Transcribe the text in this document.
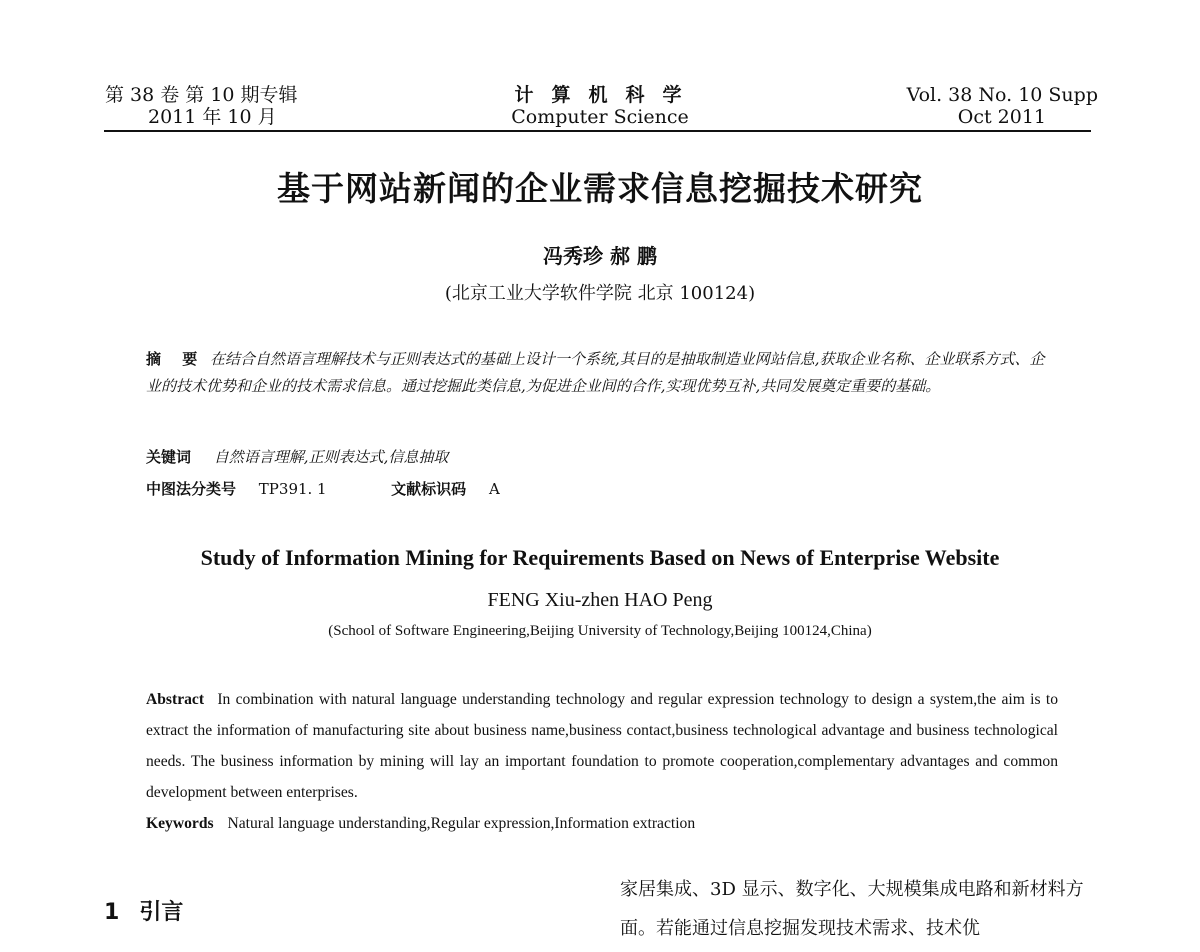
第 38 卷 第 10 期专辑
2011 年 10 月
计算机科学
Computer Science
Vol. 38 No. 10 Supp
Oct 2011
基于网站新闻的企业需求信息挖掘技术研究
冯秀珍 郝 鹏
(北京工业大学软件学院 北京 100124)
摘 要 在结合自然语言理解技术与正则表达式的基础上设计一个系统,其目的是抽取制造业网站信息,获取企业名称、企业联系方式、企业的技术优势和企业的技术需求信息。通过挖掘此类信息,为促进企业间的合作,实现优势互补,共同发展奠定重要的基础。
关键词 自然语言理解,正则表达式,信息抽取
中图法分类号 TP391. 1	文献标识码 A
Study of Information Mining for Requirements Based on News of Enterprise Website
FENG Xiu-zhen HAO Peng
(School of Software Engineering,Beijing University of Technology,Beijing 100124,China)
Abstract In combination with natural language understanding technology and regular expression technology to design a system,the aim is to extract the information of manufacturing site about business name,business contact,business technological advantage and business technological needs. The business information by mining will lay an important foundation to promote cooperation,complementary advantages and common development between enterprises.
Keywords Natural language understanding,Regular expression,Information extraction
1 引言
家居集成、3D 显示、数字化、大规模集成电路和新材料方面。若能通过信息挖掘发现技术需求、技术优
